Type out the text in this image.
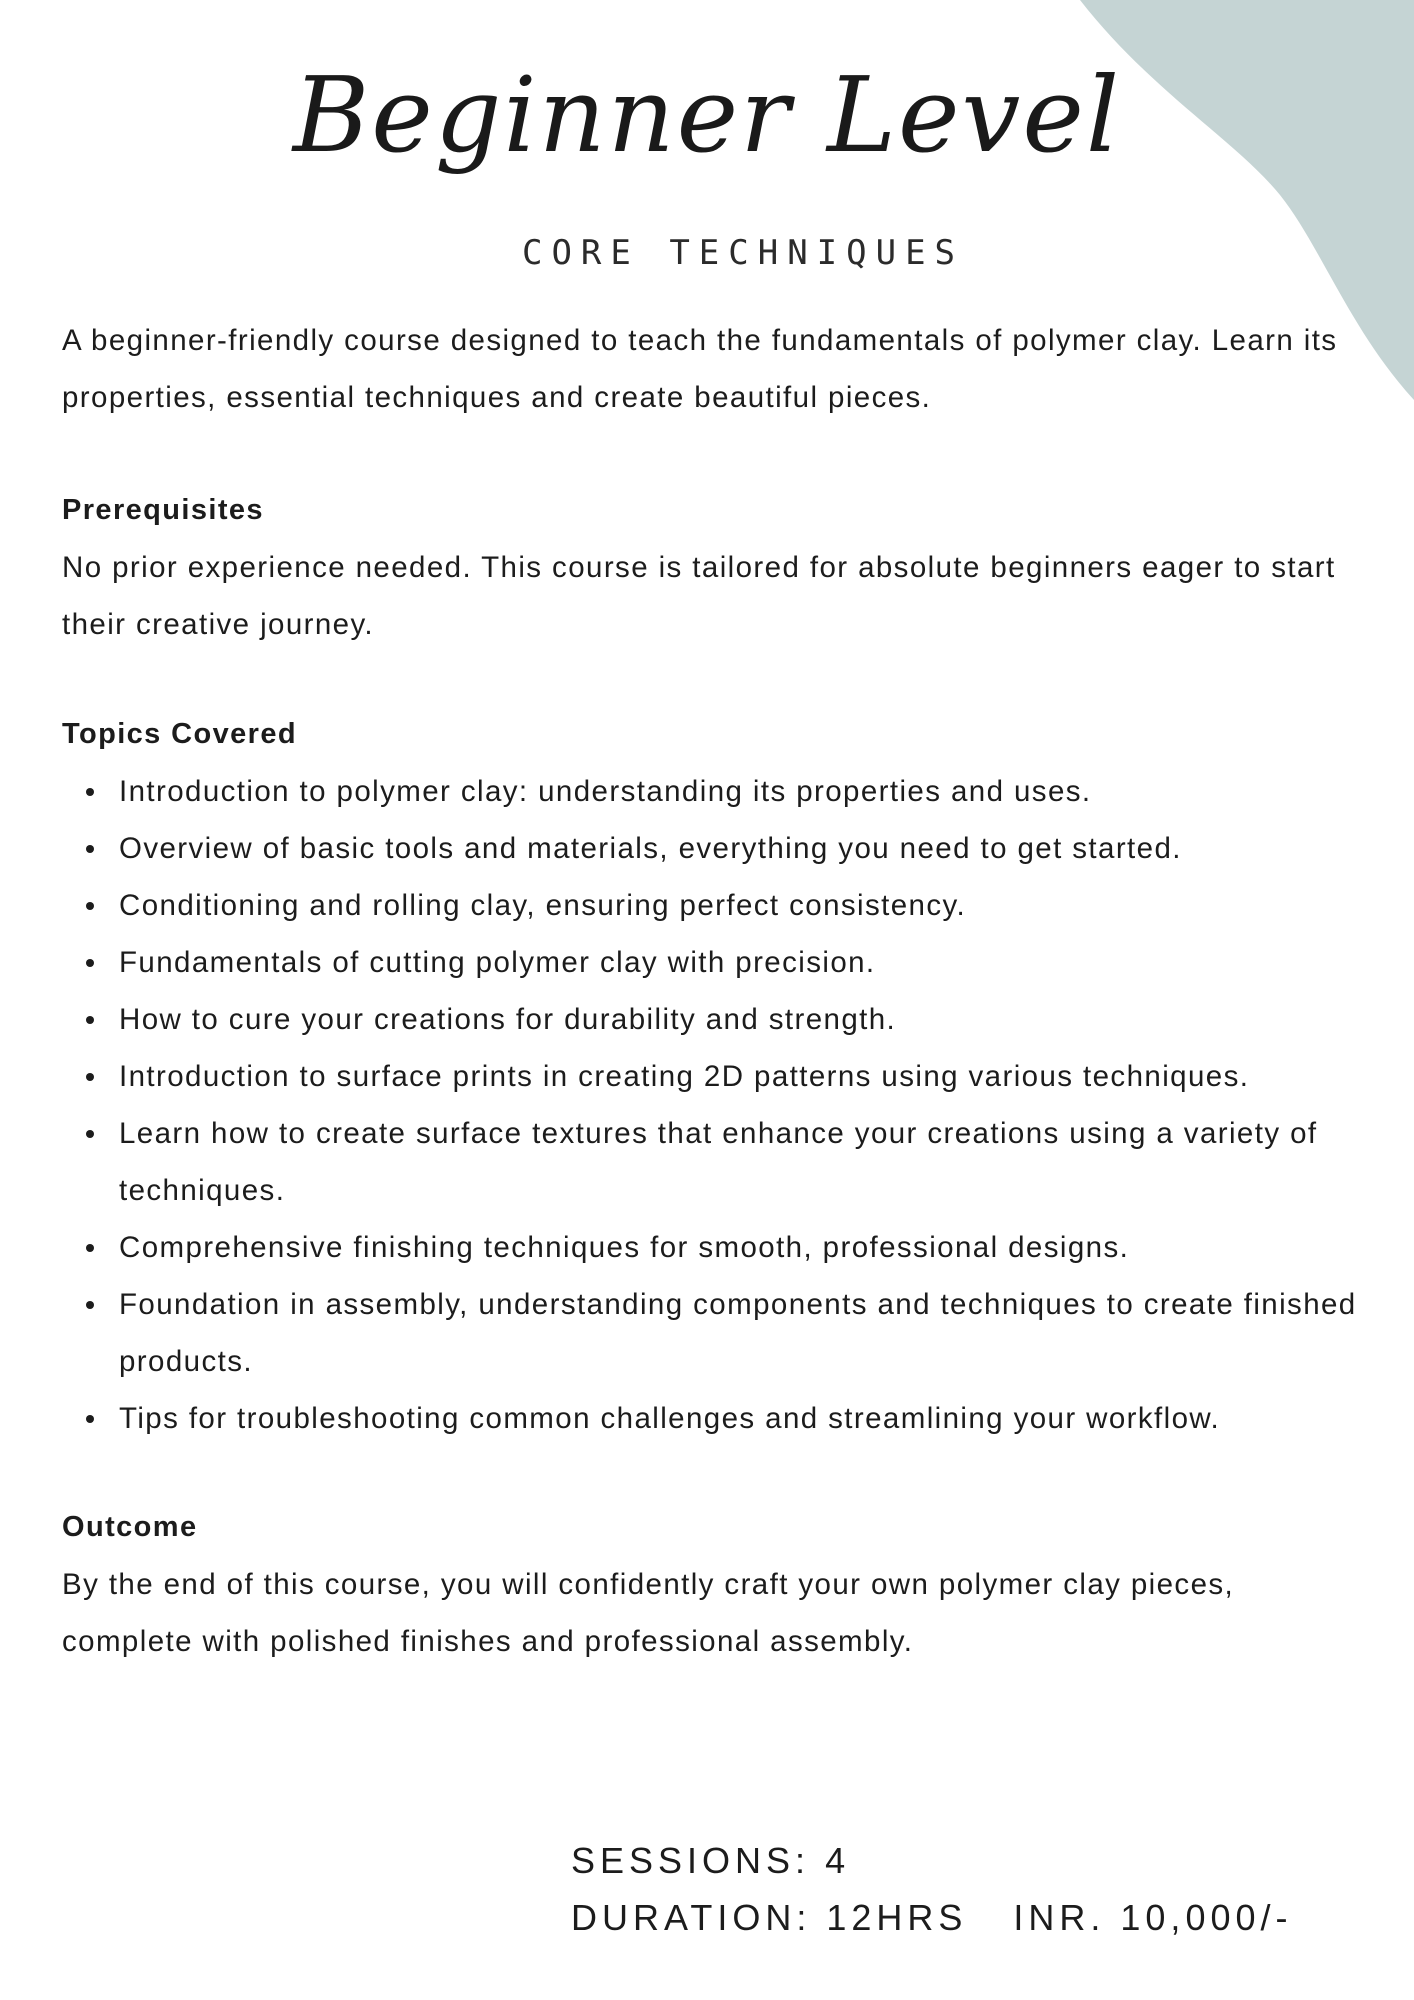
Beginner Level
CORE TECHNIQUES

A beginner-friendly course designed to teach the fundamentals of polymer clay. Learn its properties, essential techniques and create beautiful pieces.

Prerequisites

No prior experience needed. This course is tailored for absolute beginners eager to start their creative journey.

Topics Covered
Introduction to polymer clay: understanding its properties and uses.
Overview of basic tools and materials, everything you need to get started.
Conditioning and rolling clay, ensuring perfect consistency.
Fundamentals of cutting polymer clay with precision.
How to cure your creations for durability and strength.
Introduction to surface prints in creating 2D patterns using various techniques.
Learn how to create surface textures that enhance your creations using a variety of techniques.
Comprehensive finishing techniques for smooth, professional designs.
Foundation in assembly, understanding components and techniques to create finished products.
Tips for troubleshooting common challenges and streamlining your workflow.
Outcome

By the end of this course, you will confidently craft your own polymer clay pieces, complete with polished finishes and professional assembly.

SESSIONS: 4
DURATION: 12HRS INR. 10,000/-
